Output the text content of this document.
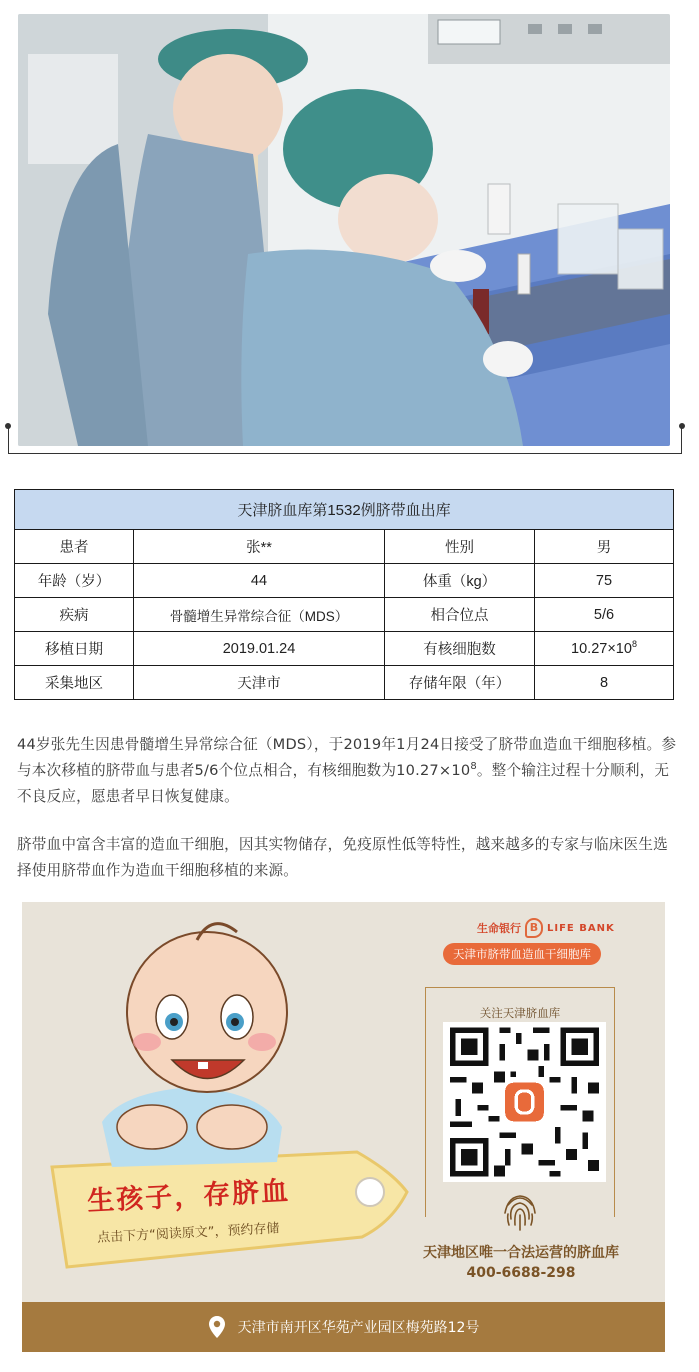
天津脐血库第1532例脐带血出库			
患者	张**	性别	男
年龄（岁）	44	体重（kg）	75
疾病	骨髓增生异常综合征（MDS）	相合位点	5/6
移植日期	2019.01.24	有核细胞数	$10.27\times 10^8$
采集地区	天津市	存储年限（年）	8

44岁张先生因患骨髓增生异常综合征（MDS），于2019年1月24日接受了脐带血造血干细胞移植。参与本次移植的脐带血与患者5/6个位点相合，有核细胞数为$10.27\times 10^8$。整个输注过程十分顺利，无不良反应，愿患者早日恢复健康。

脐带血中富含丰富的造血干细胞，因其实物储存，免疫原性低等特性，越来越多的专家与临床医生选择使用脐带血作为造血干细胞移植的来源。

生命银行 B LIFE BANK
天津市脐带血造血干细胞库
关注天津脐血库
天津地区唯一合法运营的脐血库
400-6688-298
生孩子，存脐血
点击下方“阅读原文”，预约存储
天津市南开区华苑产业园区梅苑路12号
